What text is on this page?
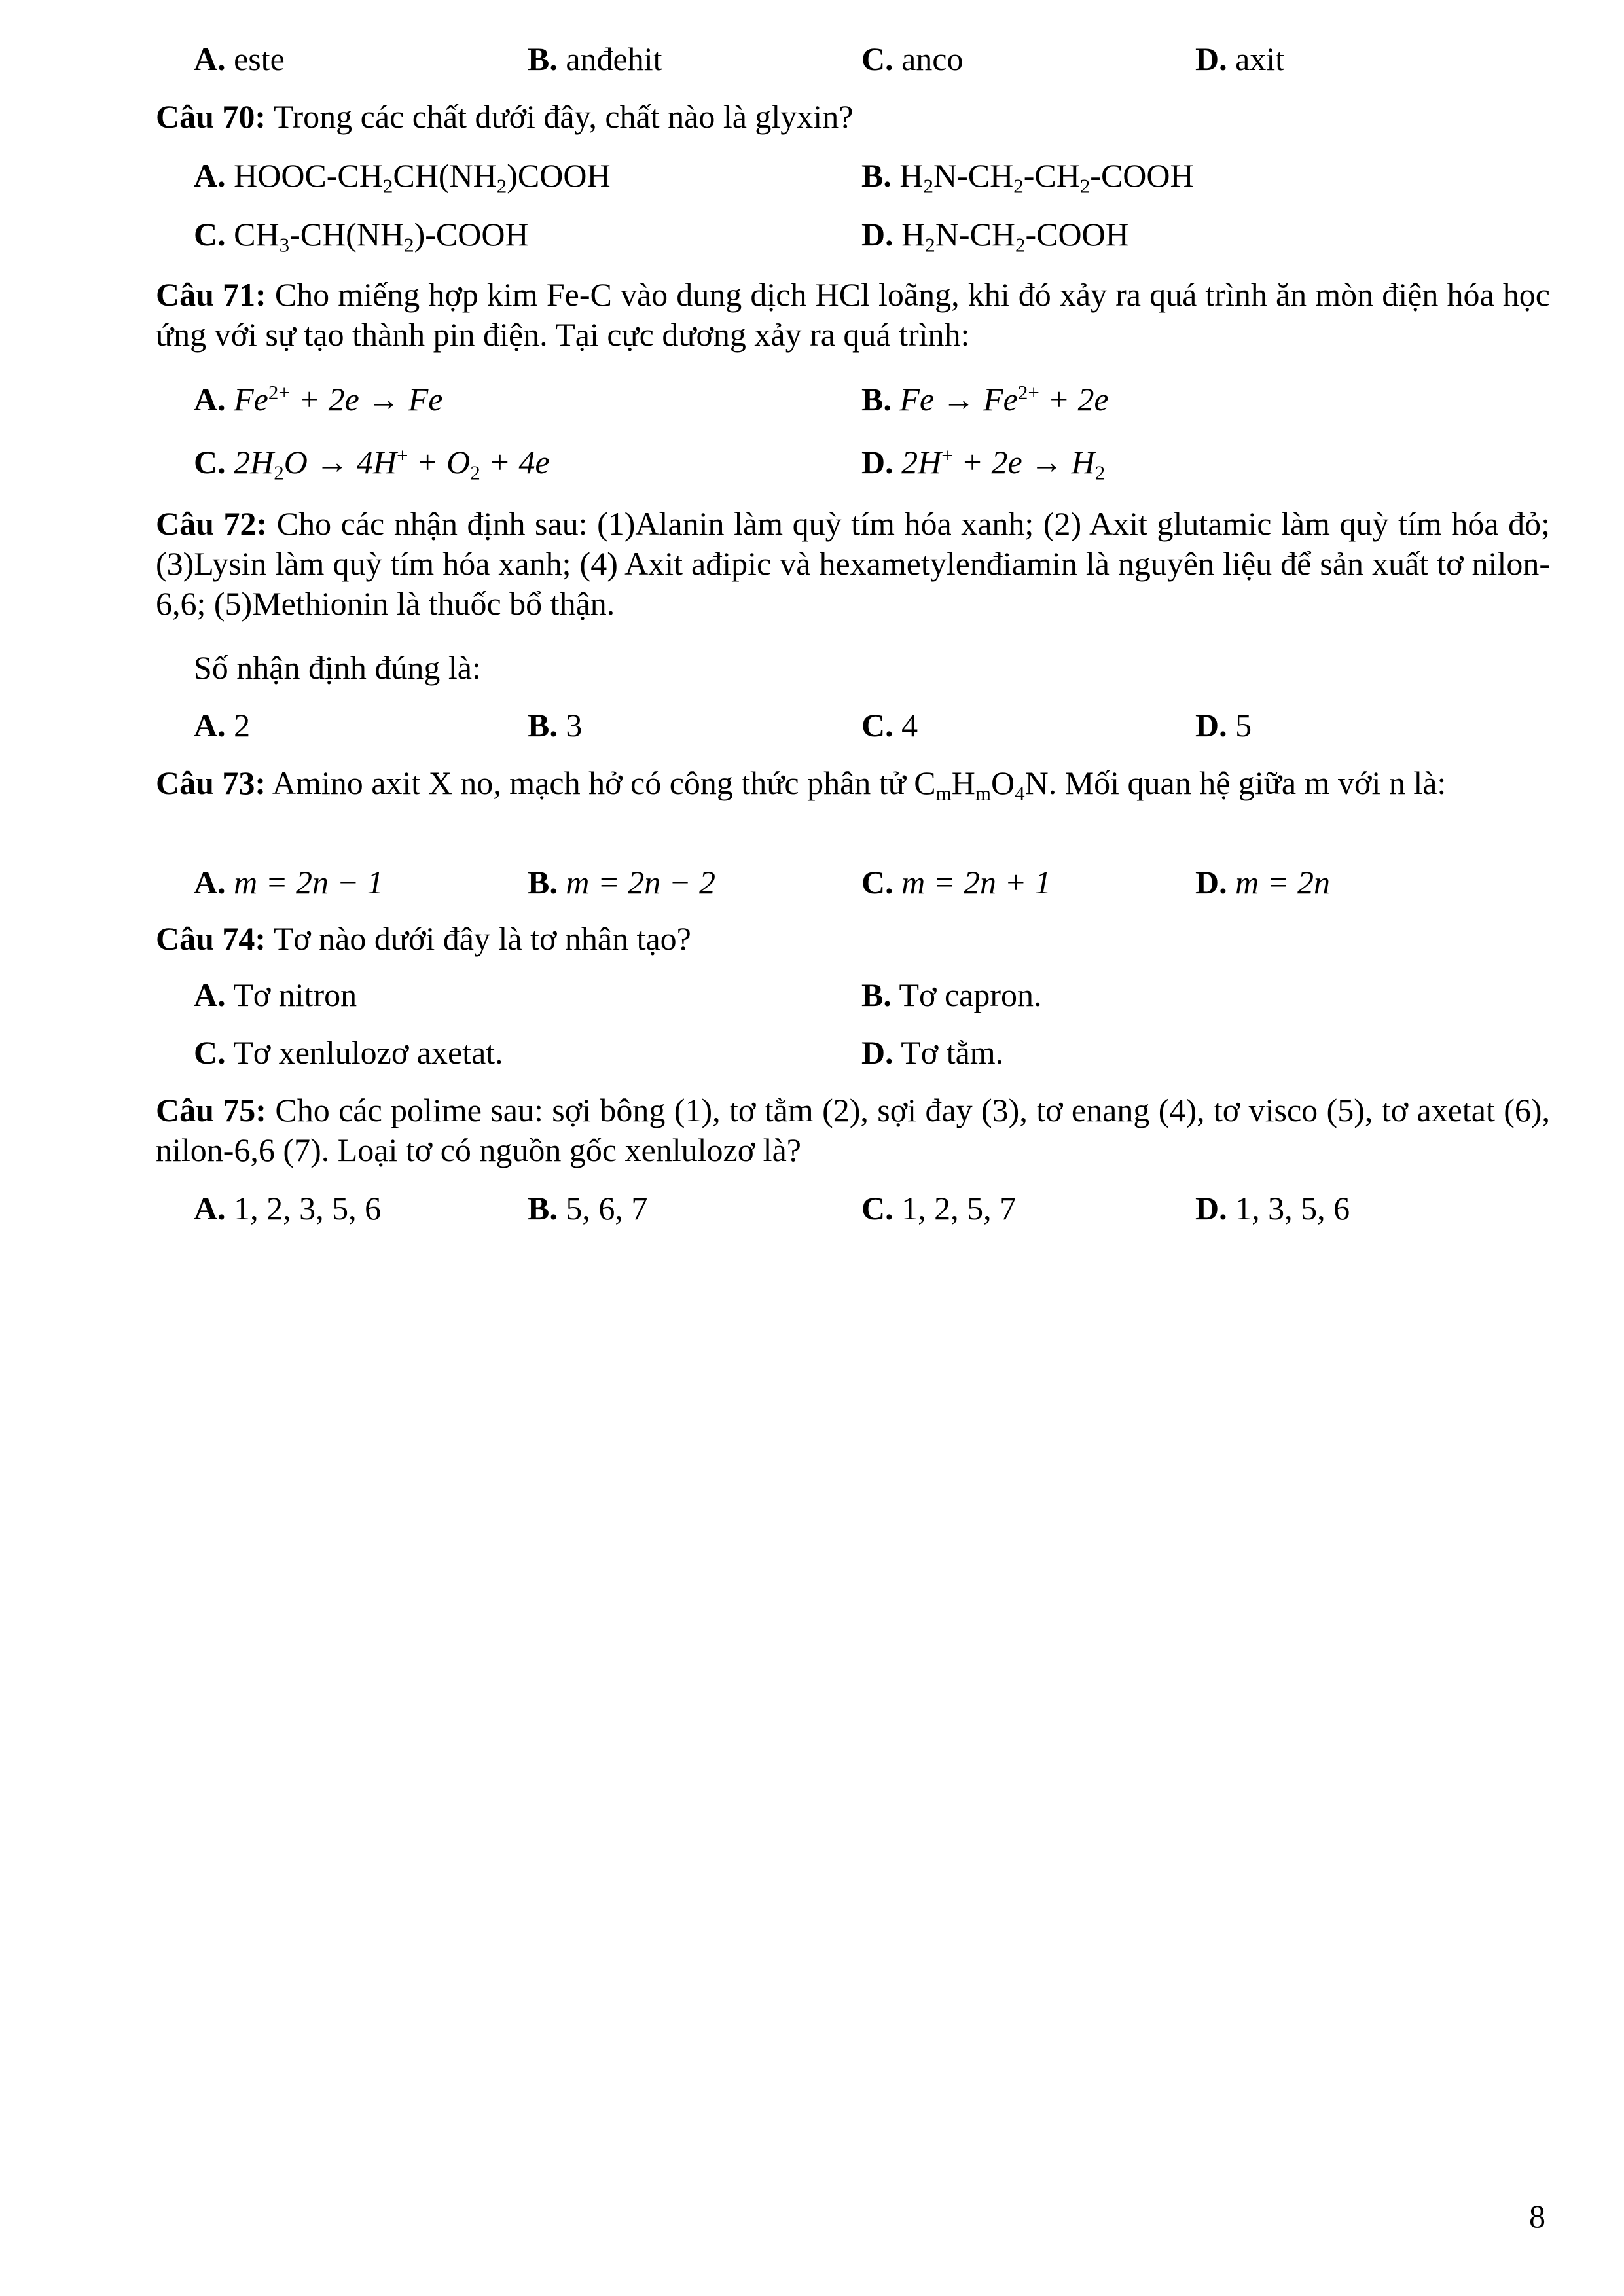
A. este	B. anđehit	C. anco	D. axit
Câu 70: Trong các chất dưới đây, chất nào là glyxin?
A. HOOC-$CH_2CH(NH_2)COOH$	B. $H_2N-CH_2-CH_2$-COOH
C. $CH_3-CH(NH_2)$-COOH	D. $H_2N-CH_2$-COOH
Câu 71: Cho miếng hợp kim Fe-C vào dung dịch HCl loãng, khi đó xảy ra quá trình ăn mòn điện hóa học ứng với sự tạo thành pin điện. Tại cực dương xảy ra quá trình:
A. $Fe^{2+} + 2e \to Fe$	B. $Fe \to Fe^{2+} + 2e$
C. $2H_2O \to 4H^+ + O_2 + 4e$	D. $2H^+ + 2e \to H_2$
Câu 72: Cho các nhận định sau: (1)Alanin làm quỳ tím hóa xanh; (2) Axit glutamic làm quỳ tím hóa đỏ; (3)Lysin làm quỳ tím hóa xanh; (4) Axit ađipic và hexametylenđiamin là nguyên liệu để sản xuất tơ nilon-6,6; (5)Methionin là thuốc bổ thận.
Số nhận định đúng là:
A. 2	B. 3	C. 4	D. 5
Câu 73: Amino axit X no, mạch hở có công thức phân tử $C_mH_mO_4N$. Mối quan hệ giữa m với n là:
A. m = 2n − 1	B. m = 2n − 2	C. m = 2n + 1	D. m = 2n
Câu 74: Tơ nào dưới đây là tơ nhân tạo?
A. Tơ nitron	B. Tơ capron.
C. Tơ xenlulozơ axetat.	D. Tơ tằm.
Câu 75: Cho các polime sau: sợi bông (1), tơ tằm (2), sợi đay (3), tơ enang (4), tơ visco (5), tơ axetat (6), nilon-6,6 (7). Loại tơ có nguồn gốc xenlulozơ là?
A. 1, 2, 3, 5, 6	B. 5, 6, 7	C. 1, 2, 5, 7	D. 1, 3, 5, 6
8
